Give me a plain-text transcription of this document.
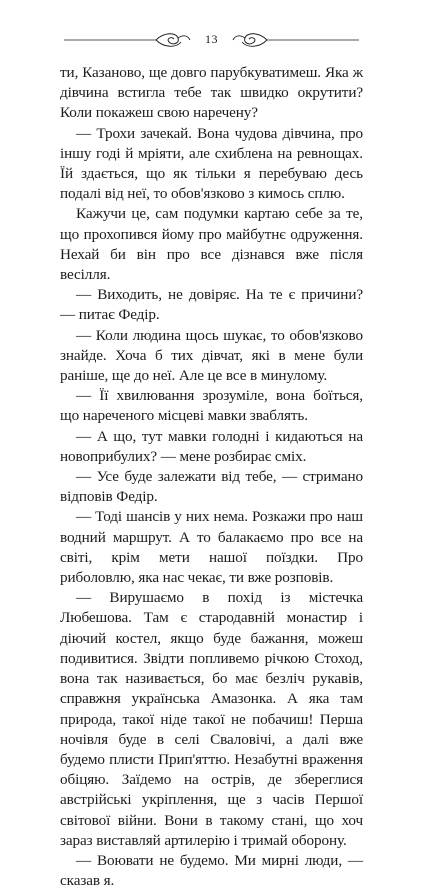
13

ти, Казаново, ще довго парубкуватимеш. Яка ж дівчина встигла тебе так швидко окрутити? Коли покажеш свою нареченy?

— Трохи зачекай. Вона чудова дівчина, про іншу годі й мріяти, але схиблена на ревнощах. Їй здається, що як тільки я перебуваю десь подалі від неї, то обов'язково з кимось сплю.

Кажучи це, сам подумки картаю себе за те, що прохопився йому про майбутнє одруження. Нехай би він про все дізнався вже після весілля.

— Виходить, не довіряє. На те є причини? — питає Федір.

— Коли людина щось шукає, то обов'язково знайде. Хоча б тих дівчат, які в мене були раніше, ще до неї. Але це все в минулому.

— Її хвилювання зрозуміле, вона боїться, що нареченого місцеві мавки зваблять.

— А що, тут мавки голодні і кидаються на новоприбулих? — мене розбирає сміх.

— Усе буде залежати від тебе, — стримано відповів Федір.

— Тоді шансів у них нема. Розкажи про наш водний маршрут. А то балакаємо про все на світі, крім мети нашої поїздки. Про риболовлю, яка нас чекає, ти вже розповів.

— Вирушаємо в похід із містечка Любешова. Там є стародавній монастир і діючий костел, якщо буде бажання, можеш подивитися. Звідти попливемо річкою Стоход, вона так називається, бо має безліч рукавів, справжня українська Амазонка. А яка там природа, такої ніде такої не побачиш! Перша ночівля буде в селі Сваловічі, а далі вже будемо плисти Прип'яттю. Незабутні враження обіцяю. Заїдемо на острів, де збереглися австрійські укріплення, ще з часів Першої світової війни. Вони в такому стані, що хоч зараз виставляй артилерію і тримай оборону.

— Воювати не будемо. Ми мирні люди, — сказав я.
